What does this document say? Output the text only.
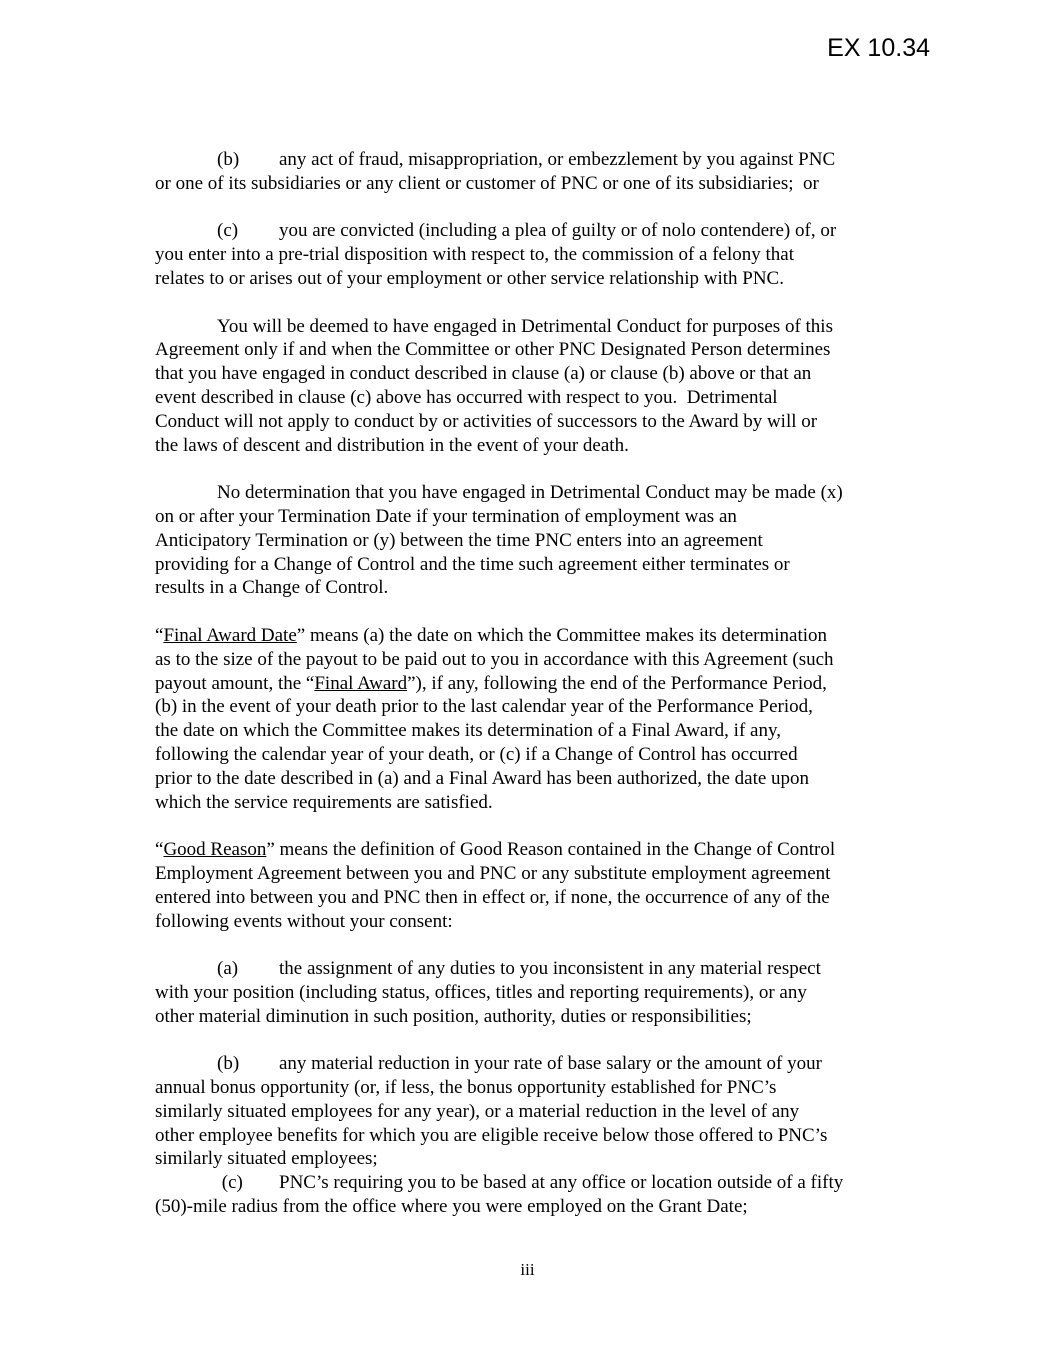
EX 10.34
(b) any act of fraud, misappropriation, or embezzlement by you against PNC
or one of its subsidiaries or any client or customer of PNC or one of its subsidiaries;  or
(c) you are convicted (including a plea of guilty or of nolo contendere) of, or
you enter into a pre-trial disposition with respect to, the commission of a felony that
relates to or arises out of your employment or other service relationship with PNC.
You will be deemed to have engaged in Detrimental Conduct for purposes of this
Agreement only if and when the Committee or other PNC Designated Person determines
that you have engaged in conduct described in clause (a) or clause (b) above or that an
event described in clause (c) above has occurred with respect to you.  Detrimental
Conduct will not apply to conduct by or activities of successors to the Award by will or
the laws of descent and distribution in the event of your death.
No determination that you have engaged in Detrimental Conduct may be made (x)
on or after your Termination Date if your termination of employment was an
Anticipatory Termination or (y) between the time PNC enters into an agreement
providing for a Change of Control and the time such agreement either terminates or
results in a Change of Control.
“Final Award Date” means (a) the date on which the Committee makes its determination
as to the size of the payout to be paid out to you in accordance with this Agreement (such
payout amount, the “Final Award”), if any, following the end of the Performance Period,
(b) in the event of your death prior to the last calendar year of the Performance Period,
the date on which the Committee makes its determination of a Final Award, if any,
following the calendar year of your death, or (c) if a Change of Control has occurred
prior to the date described in (a) and a Final Award has been authorized, the date upon
which the service requirements are satisfied.
“Good Reason” means the definition of Good Reason contained in the Change of Control
Employment Agreement between you and PNC or any substitute employment agreement
entered into between you and PNC then in effect or, if none, the occurrence of any of the
following events without your consent:
(a) the assignment of any duties to you inconsistent in any material respect
with your position (including status, offices, titles and reporting requirements), or any
other material diminution in such position, authority, duties or responsibilities;
(b) any material reduction in your rate of base salary or the amount of your
annual bonus opportunity (or, if less, the bonus opportunity established for PNC’s
similarly situated employees for any year), or a material reduction in the level of any
other employee benefits for which you are eligible receive below those offered to PNC’s
similarly situated employees;
(c) PNC’s requiring you to be based at any office or location outside of a fifty
(50)-mile radius from the office where you were employed on the Grant Date;
iii
